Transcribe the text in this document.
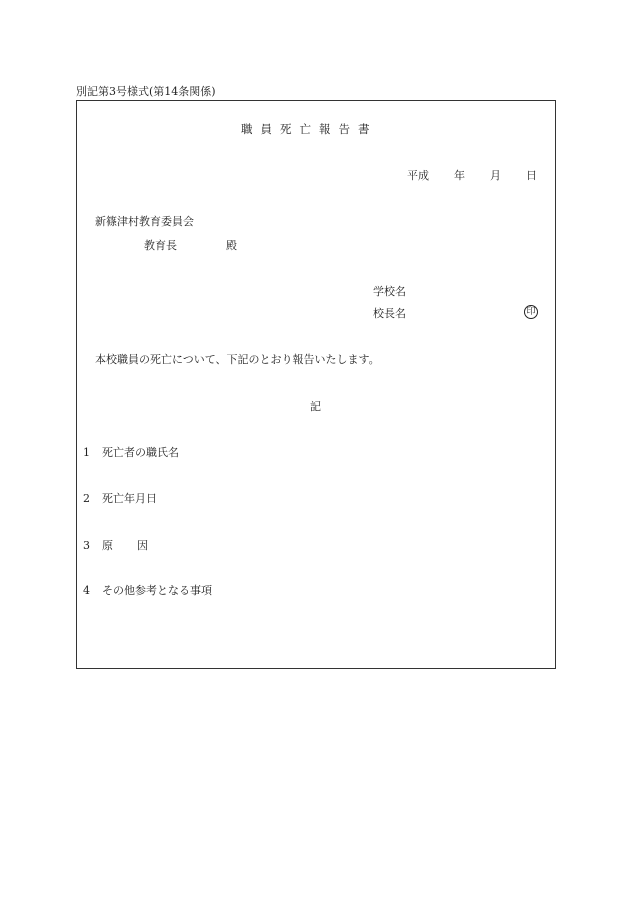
別記第3号様式(第14条関係)
職員死亡報告書
平成 年 月 日
新篠津村教育委員会
教育長	殿
学校名
校長名	印
本校職員の死亡について、下記のとおり報告いたします。
記
1 死亡者の職氏名
2 死亡年月日
3 原 因
4 その他参考となる事項
